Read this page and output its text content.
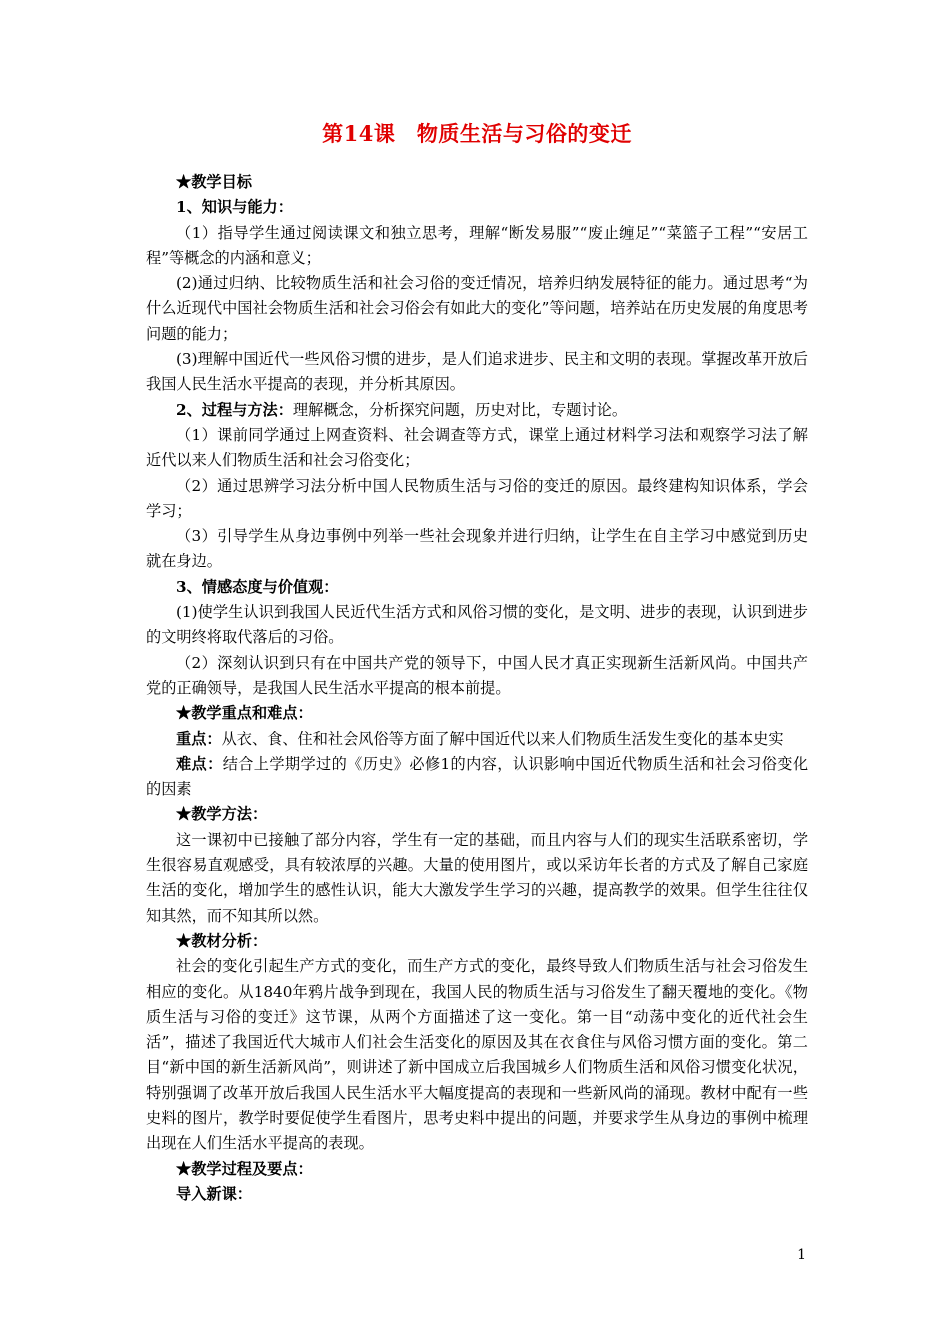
第14课　物质生活与习俗的变迁

★教学目标

1、知识与能力：

（1）指导学生通过阅读课文和独立思考，理解“断发易服”“废止缠足”“菜篮子工程”“安居工程”等概念的内涵和意义；

(2)通过归纳、比较物质生活和社会习俗的变迁情况，培养归纳发展特征的能力。通过思考“为什么近现代中国社会物质生活和社会习俗会有如此大的变化”等问题，培养站在历史发展的角度思考问题的能力；

(3)理解中国近代一些风俗习惯的进步，是人们追求进步、民主和文明的表现。掌握改革开放后我国人民生活水平提高的表现，并分析其原因。

2、过程与方法：理解概念，分析探究问题，历史对比，专题讨论。

（1）课前同学通过上网查资料、社会调查等方式，课堂上通过材料学习法和观察学习法了解近代以来人们物质生活和社会习俗变化；

（2）通过思辨学习法分析中国人民物质生活与习俗的变迁的原因。最终建构知识体系，学会学习；

（3）引导学生从身边事例中列举一些社会现象并进行归纳，让学生在自主学习中感觉到历史就在身边。

3、情感态度与价值观：

(1)使学生认识到我国人民近代生活方式和风俗习惯的变化，是文明、进步的表现，认识到进步的文明终将取代落后的习俗。

（2）深刻认识到只有在中国共产党的领导下，中国人民才真正实现新生活新风尚。中国共产党的正确领导，是我国人民生活水平提高的根本前提。

★教学重点和难点：

重点：从衣、食、住和社会风俗等方面了解中国近代以来人们物质生活发生变化的基本史实

难点：结合上学期学过的《历史》必修1的内容，认识影响中国近代物质生活和社会习俗变化的因素

★教学方法：

这一课初中已接触了部分内容，学生有一定的基础，而且内容与人们的现实生活联系密切，学生很容易直观感受，具有较浓厚的兴趣。大量的使用图片，或以采访年长者的方式及了解自己家庭生活的变化，增加学生的感性认识，能大大激发学生学习的兴趣，提高教学的效果。但学生往往仅知其然，而不知其所以然。

★教材分析：

社会的变化引起生产方式的变化，而生产方式的变化，最终导致人们物质生活与社会习俗发生相应的变化。从1840年鸦片战争到现在，我国人民的物质生活与习俗发生了翻天覆地的变化。《物质生活与习俗的变迁》这节课，从两个方面描述了这一变化。第一目“动荡中变化的近代社会生活”，描述了我国近代大城市人们社会生活变化的原因及其在衣食住与风俗习惯方面的变化。第二目“新中国的新生活新风尚”，则讲述了新中国成立后我国城乡人们物质生活和风俗习惯变化状况，特别强调了改革开放后我国人民生活水平大幅度提高的表现和一些新风尚的涌现。教材中配有一些史料的图片，教学时要促使学生看图片，思考史料中提出的问题，并要求学生从身边的事例中梳理出现在人们生活水平提高的表现。

★教学过程及要点：

导入新课：

1
